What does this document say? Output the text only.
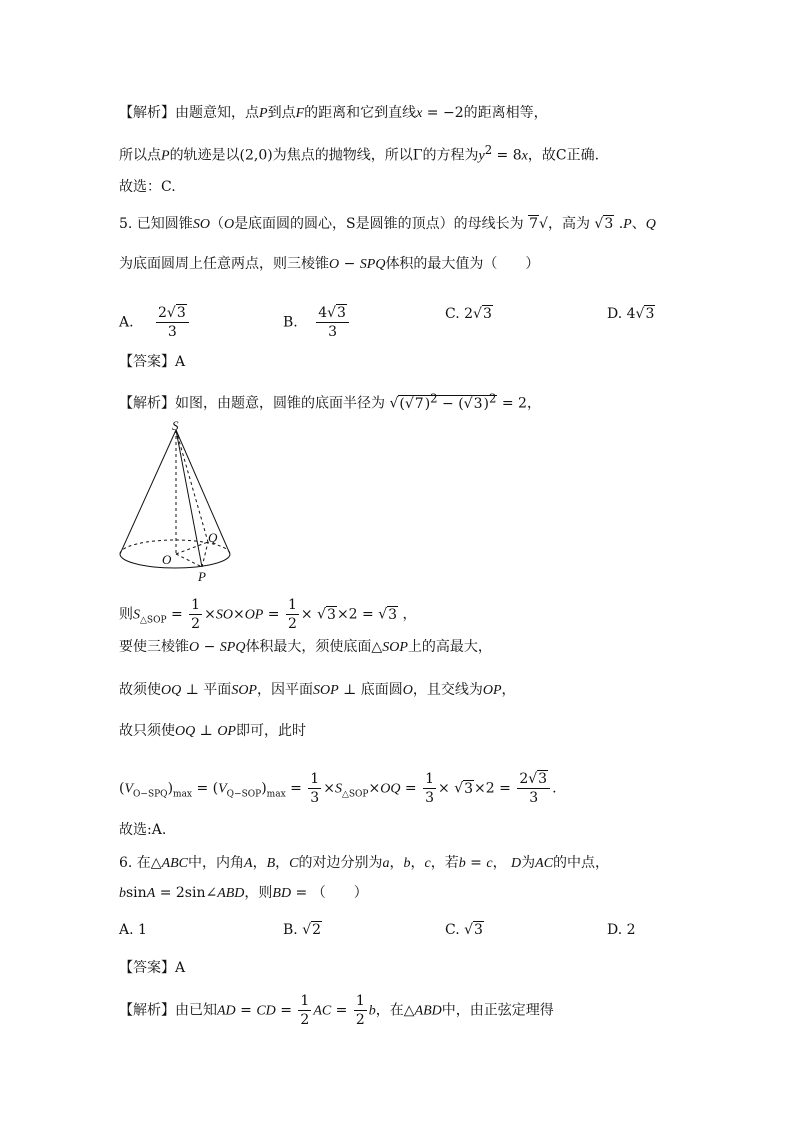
【解析】由题意知，点P到点F的距离和它到直线x = −2的距离相等，
所以点P的轨迹是以(2,0)为焦点的抛物线，所以Γ的方程为$y^2 = 8x$，故C正确.
故选：C.
5. 已知圆锥SO（O是底面圆的圆心，S是圆锥的顶点）的母线长为 7√，高为 √3 .P、Q
为底面圆周上任意两点，则三棱锥O − SPQ体积的最大值为（　　）
A. $\frac{2√3}{3}$	B. $\frac{4√3}{3}$	C. 2√3	D. 4√3
【答案】A
【解析】如图，由题意，圆锥的底面半径为 $√(√7)^2 - (√3)^2 = 2$，
S
O
Q
P
则$S_{\triangle SOP} = \frac{1}{2} \times SO\times OP = \frac{1}{2} \times √3\times 2 = √3$ ，
要使三棱锥O − SPQ体积最大，须使底面△SOP上的高最大，
故须使OQ ⊥ 平面SOP，因平面SOP ⊥ 底面圆O，且交线为OP，
故只须使OQ ⊥ OP即可，此时
$(V_{O-SPQ})_{max} = (V_{Q-SOP})_{max} = \frac{1}{3} \times S_{\triangle SOP}\times OQ = \frac{1}{3} \times √3\times 2 = \frac{2√3}{3}$ .
故选:A.
6. 在△ABC中，内角A，B，C的对边分别为a，b，c，若b = c， D为AC的中点，
bsinA = 2sin∠ABD，则BD = （　　）
A. 1	B. √2	C. √3	D. 2
【答案】A
【解析】由已知AD = CD = $\frac{1}{2}$ AC = $\frac{1}{2}$ b，在△ABD中，由正弦定理得
